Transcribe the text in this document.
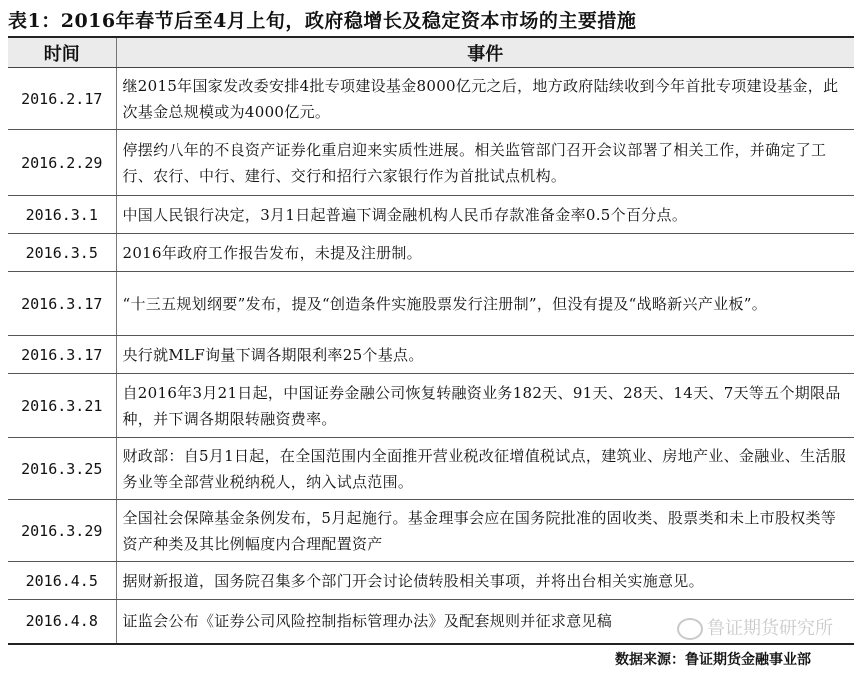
表1：2016年春节后至4月上旬，政府稳增长及稳定资本市场的主要措施
时间	事件
2016.2.17	继2015年国家发改委安排4批专项建设基金8000亿元之后，地方政府陆续收到今年首批专项建设基金，此次基金总规模或为4000亿元。
2016.2.29	停摆约八年的不良资产证券化重启迎来实质性进展。相关监管部门召开会议部署了相关工作，并确定了工行、农行、中行、建行、交行和招行六家银行作为首批试点机构。
2016.3.1	中国人民银行决定，3月1日起普遍下调金融机构人民币存款准备金率0.5个百分点。
2016.3.5	2016年政府工作报告发布，未提及注册制。
2016.3.17	“十三五规划纲要”发布，提及“创造条件实施股票发行注册制”，但没有提及“战略新兴产业板”。
2016.3.17	央行就MLF询量下调各期限利率25个基点。
2016.3.21	自2016年3月21日起，中国证券金融公司恢复转融资业务182天、91天、28天、14天、7天等五个期限品种，并下调各期限转融资费率。
2016.3.25	财政部：自5月1日起，在全国范围内全面推开营业税改征增值税试点，建筑业、房地产业、金融业、生活服务业等全部营业税纳税人，纳入试点范围。
2016.3.29	全国社会保障基金条例发布，5月起施行。基金理事会应在国务院批准的固收类、股票类和未上市股权类等资产种类及其比例幅度内合理配置资产
2016.4.5	据财新报道，国务院召集多个部门开会讨论债转股相关事项，并将出台相关实施意见。
2016.4.8	证监会公布《证券公司风险控制指标管理办法》及配套规则并征求意见稿	鲁证期货研究所
数据来源：鲁证期货金融事业部
